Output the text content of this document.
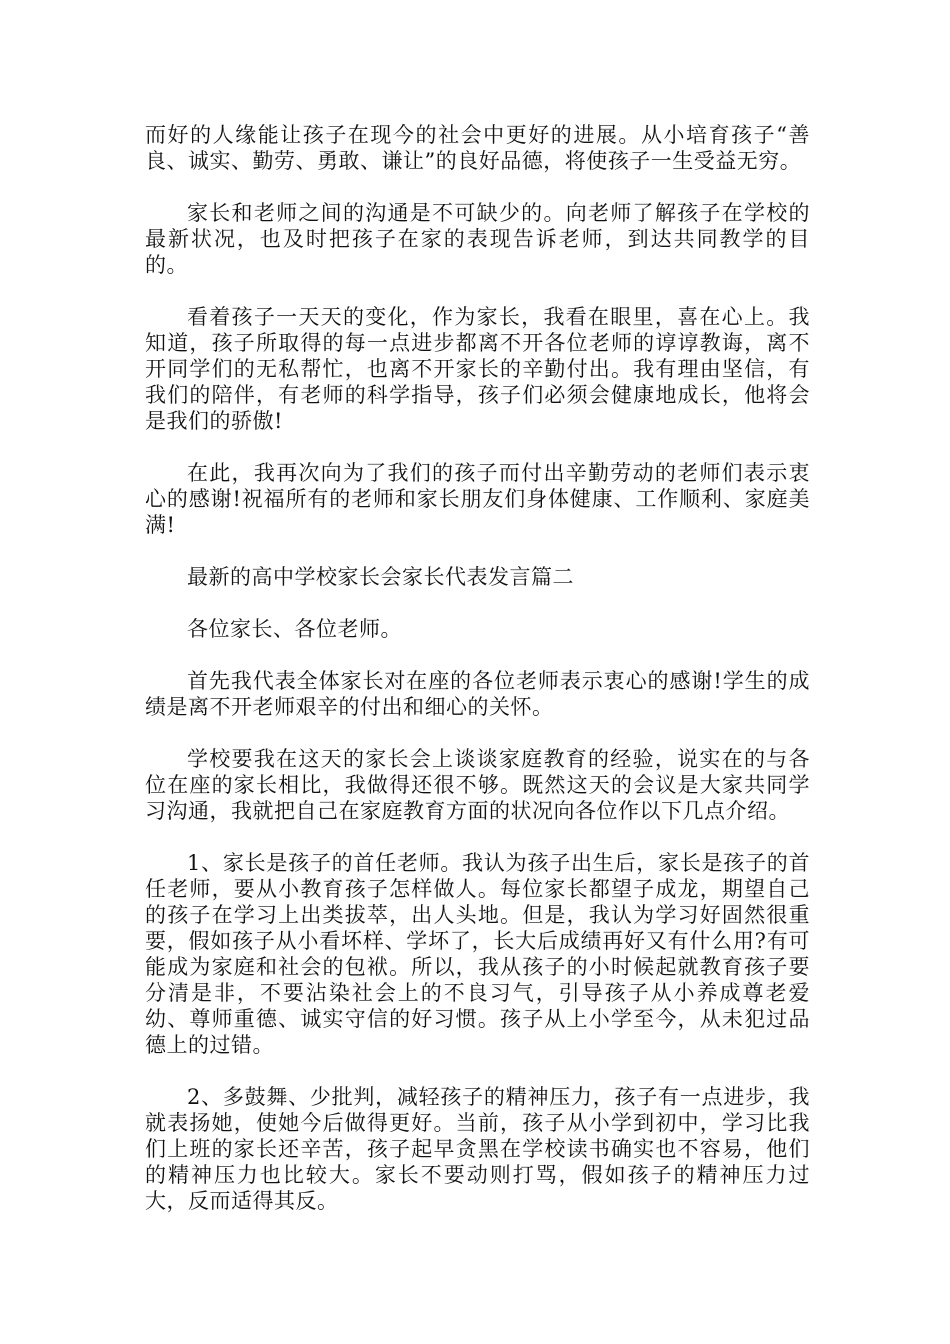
而好的人缘能让孩子在现今的社会中更好的进展。从小培育孩子“善良、诚实、勤劳、勇敢、谦让”的良好品德，将使孩子一生受益无穷。

家长和老师之间的沟通是不可缺少的。向老师了解孩子在学校的最新状况，也及时把孩子在家的表现告诉老师，到达共同教学的目的。

看着孩子一天天的变化，作为家长，我看在眼里，喜在心上。我知道，孩子所取得的每一点进步都离不开各位老师的谆谆教诲，离不开同学们的无私帮忙，也离不开家长的辛勤付出。我有理由坚信，有我们的陪伴，有老师的科学指导，孩子们必须会健康地成长，他将会是我们的骄傲!

在此，我再次向为了我们的孩子而付出辛勤劳动的老师们表示衷心的感谢!祝福所有的老师和家长朋友们身体健康、工作顺利、家庭美满!

最新的高中学校家长会家长代表发言篇二

各位家长、各位老师。

首先我代表全体家长对在座的各位老师表示衷心的感谢!学生的成绩是离不开老师艰辛的付出和细心的关怀。

学校要我在这天的家长会上谈谈家庭教育的经验，说实在的与各位在座的家长相比，我做得还很不够。既然这天的会议是大家共同学习沟通，我就把自己在家庭教育方面的状况向各位作以下几点介绍。

1、家长是孩子的首任老师。我认为孩子出生后，家长是孩子的首任老师，要从小教育孩子怎样做人。每位家长都望子成龙，期望自己的孩子在学习上出类拔萃，出人头地。但是，我认为学习好固然很重要，假如孩子从小看坏样、学坏了，长大后成绩再好又有什么用?有可能成为家庭和社会的包袱。所以，我从孩子的小时候起就教育孩子要分清是非，不要沾染社会上的不良习气，引导孩子从小养成尊老爱幼、尊师重德、诚实守信的好习惯。孩子从上小学至今，从未犯过品德上的过错。

2、多鼓舞、少批判，减轻孩子的精神压力，孩子有一点进步，我就表扬她，使她今后做得更好。当前，孩子从小学到初中，学习比我们上班的家长还辛苦，孩子起早贪黑在学校读书确实也不容易，他们的精神压力也比较大。家长不要动则打骂，假如孩子的精神压力过大，反而适得其反。
